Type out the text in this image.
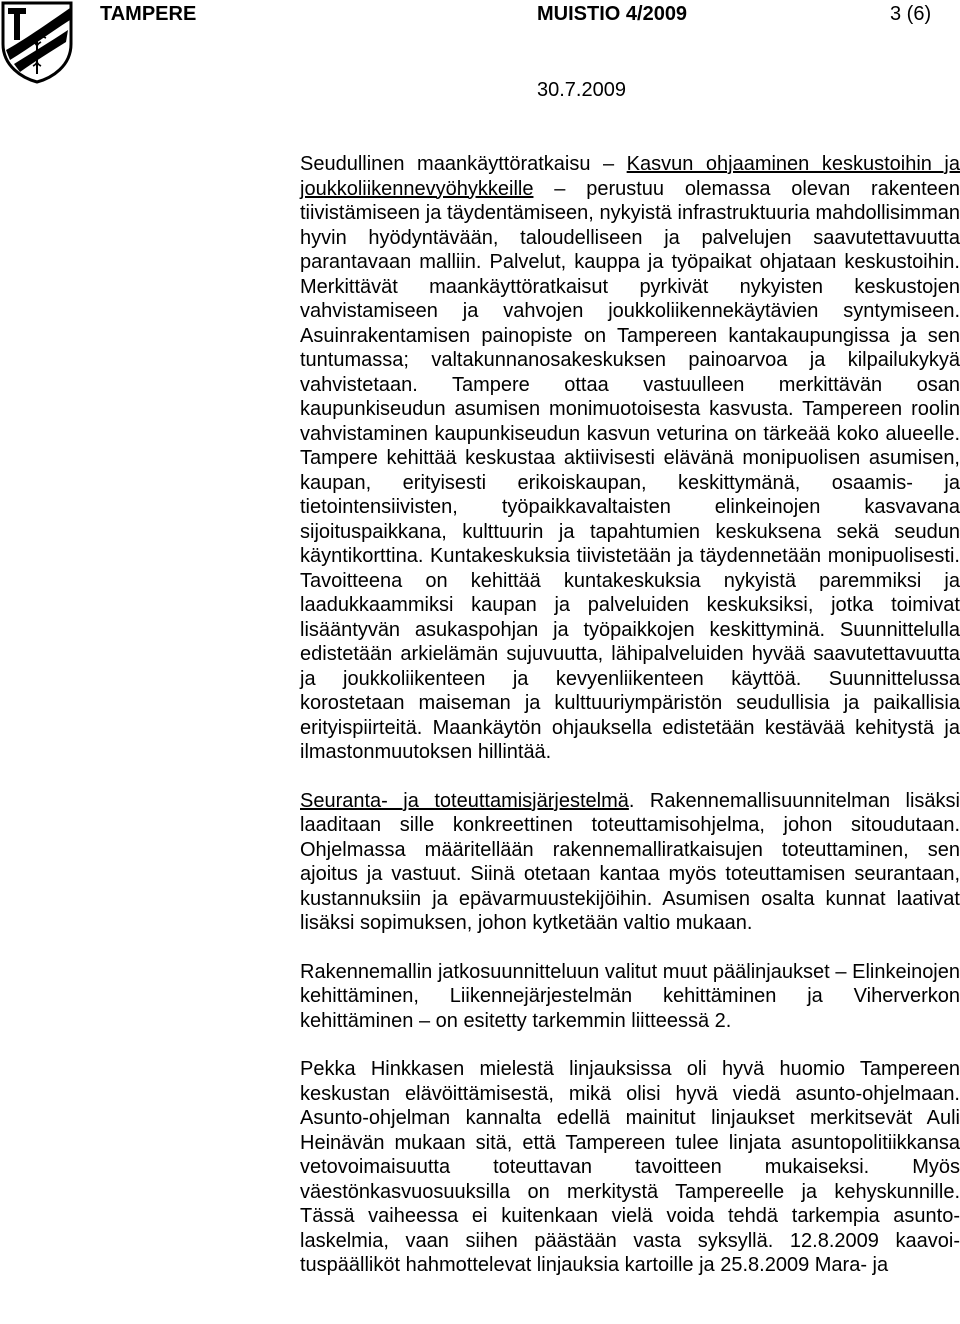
TAMPERE	MUISTIO 4/2009	3 (6)
30.7.2009

Seudullinen maankäyttöratkaisu – Kasvun ohjaaminen keskustoihin ja joukkoliikennevyöhykkeille – perustuu olemassa olevan rakenteen tiivistämiseen ja täydentämiseen, nykyistä infrastruktuuria mahdollisimman hyvin hyödyntävään, taloudelliseen ja palvelujen saavutettavuutta parantavaan malliin. Palvelut, kauppa ja työpaikat ohjataan keskustoihin. Merkittävät maankäyttöratkaisut pyrkivät nykyisten keskustojen vahvistamiseen ja vahvojen joukkoliikennekäytävien syntymiseen. Asuinrakentamisen painopiste on Tampereen kantakaupungissa ja sen tuntumassa; valtakunnanosakeskuksen painoarvoa ja kilpailukykyä vahvistetaan. Tampere ottaa vastuulleen merkittävän osan kaupunkiseudun asumisen monimuotoisesta kasvusta. Tampereen roolin vahvistaminen kaupunkiseudun kasvun veturina on tärkeää koko alueelle. Tampere kehittää keskustaa aktiivisesti elävänä monipuolisen asumisen, kaupan, erityisesti erikoiskaupan, keskittymänä, osaamis- ja tietointensiivisten, työpaikkavaltaisten elinkeinojen kasvavana sijoituspaikkana, kulttuurin ja tapahtumien keskuksena sekä seudun käyntikorttina. Kuntakeskuksia tiivistetään ja täydennetään monipuolisesti. Tavoitteena on kehittää kuntakeskuksia nykyistä paremmiksi ja laadukkaammiksi kaupan ja palveluiden keskuksiksi, jotka toimivat lisääntyvän asukaspohjan ja työpaikkojen keskittyminä. Suunnittelulla edistetään arkielämän sujuvuutta, lähipalveluiden hyvää saavutettavuutta ja joukkoliikenteen ja kevyenliikenteen käyttöä. Suunnittelussa korostetaan maiseman ja kulttuuriympäristön seudullisia ja paikallisia erityispiirteitä. Maankäytön ohjauksella edistetään kestävää kehitystä ja ilmastonmuutoksen hillintää.

Seuranta- ja toteuttamisjärjestelmä. Rakennemallisuunnitelman lisäksi laaditaan sille konkreettinen toteuttamisohjelma, johon sitoudutaan. Ohjelmassa määritellään rakennemalliratkaisujen toteuttaminen, sen ajoitus ja vastuut. Siinä otetaan kantaa myös toteuttamisen seurantaan, kustannuksiin ja epävarmuustekijöihin. Asumisen osalta kunnat laativat lisäksi sopimuksen, johon kytketään valtio mukaan.

Rakennemallin jatkosuunnitteluun valitut muut päälinjaukset – Elinkeinojen kehittäminen, Liikennejärjestelmän kehittäminen ja Viherverkon kehittäminen – on esitetty tarkemmin liitteessä 2.

Pekka Hinkkasen mielestä linjauksissa oli hyvä huomio Tampereen keskustan elävöittämisestä, mikä olisi hyvä viedä asunto-ohjelmaan. Asunto-ohjelman kannalta edellä mainitut linjaukset merkitsevät Auli Heinävän mukaan sitä, että Tampereen tulee linjata asuntopolitiikkansa vetovoimaisuutta toteuttavan tavoitteen mukaiseksi. Myös väestönkasvuosuuksilla on merkitystä Tampereelle ja kehyskunnille. Tässä vaiheessa ei kuitenkaan vielä voida tehdä tarkempia asuntolaskelmia, vaan siihen päästään vasta syksyllä. 12.8.2009 kaavoituspäälliköt hahmottelevat linjauksia kartoille ja 25.8.2009 Mara- ja
